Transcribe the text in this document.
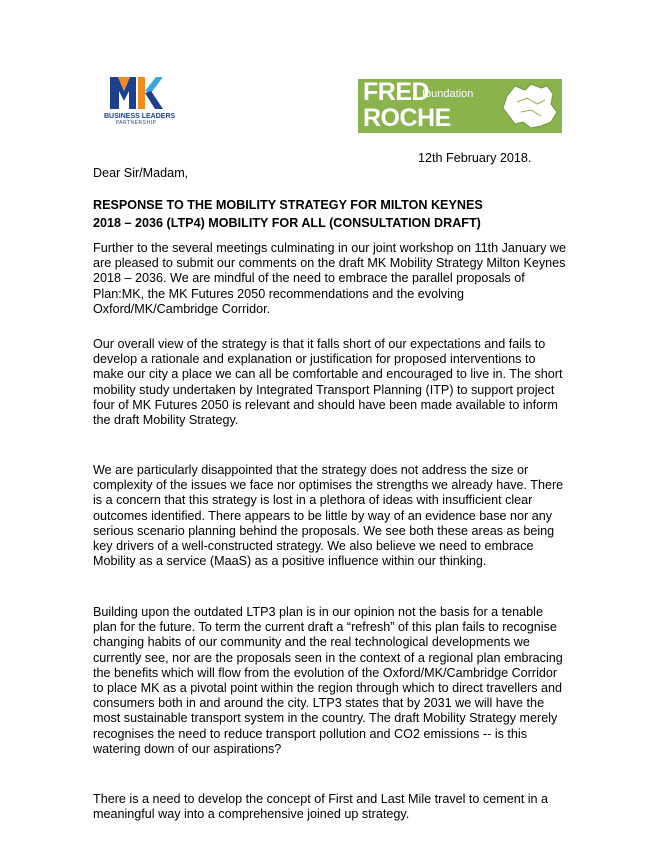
BUSINESS LEADERS
PARTNERSHIP
FRED
foundation
ROCHE
12th February 2018.
Dear Sir/Madam,
RESPONSE TO THE MOBILITY STRATEGY FOR MILTON KEYNES
2018 – 2036 (LTP4) MOBILITY FOR ALL (CONSULTATION DRAFT)

Further to the several meetings culminating in our joint workshop on 11th January we are pleased to submit our comments on the draft MK Mobility Strategy Milton Keynes 2018 – 2036. We are mindful of the need to embrace the parallel proposals of Plan:MK, the MK Futures 2050 recommendations and the evolving Oxford/MK/Cambridge Corridor.

Our overall view of the strategy is that it falls short of our expectations and fails to develop a rationale and explanation or justification for proposed interventions to make our city a place we can all be comfortable and encouraged to live in. The short mobility study undertaken by Integrated Transport Planning (ITP) to support project four of MK Futures 2050 is relevant and should have been made available to inform the draft Mobility Strategy.

We are particularly disappointed that the strategy does not address the size or complexity of the issues we face nor optimises the strengths we already have. There is a concern that this strategy is lost in a plethora of ideas with insufficient clear outcomes identified. There appears to be little by way of an evidence base nor any serious scenario planning behind the proposals. We see both these areas as being key drivers of a well-constructed strategy. We also believe we need to embrace Mobility as a service (MaaS) as a positive influence within our thinking.

Building upon the outdated LTP3 plan is in our opinion not the basis for a tenable plan for the future. To term the current draft a “refresh” of this plan fails to recognise changing habits of our community and the real technological developments we currently see, nor are the proposals seen in the context of a regional plan embracing the benefits which will flow from the evolution of the Oxford/MK/Cambridge Corridor to place MK as a pivotal point within the region through which to direct travellers and consumers both in and around the city. LTP3 states that by 2031 we will have the most sustainable transport system in the country. The draft Mobility Strategy merely recognises the need to reduce transport pollution and CO2 emissions -- is this watering down of our aspirations?

There is a need to develop the concept of First and Last Mile travel to cement in a meaningful way into a comprehensive joined up strategy.
